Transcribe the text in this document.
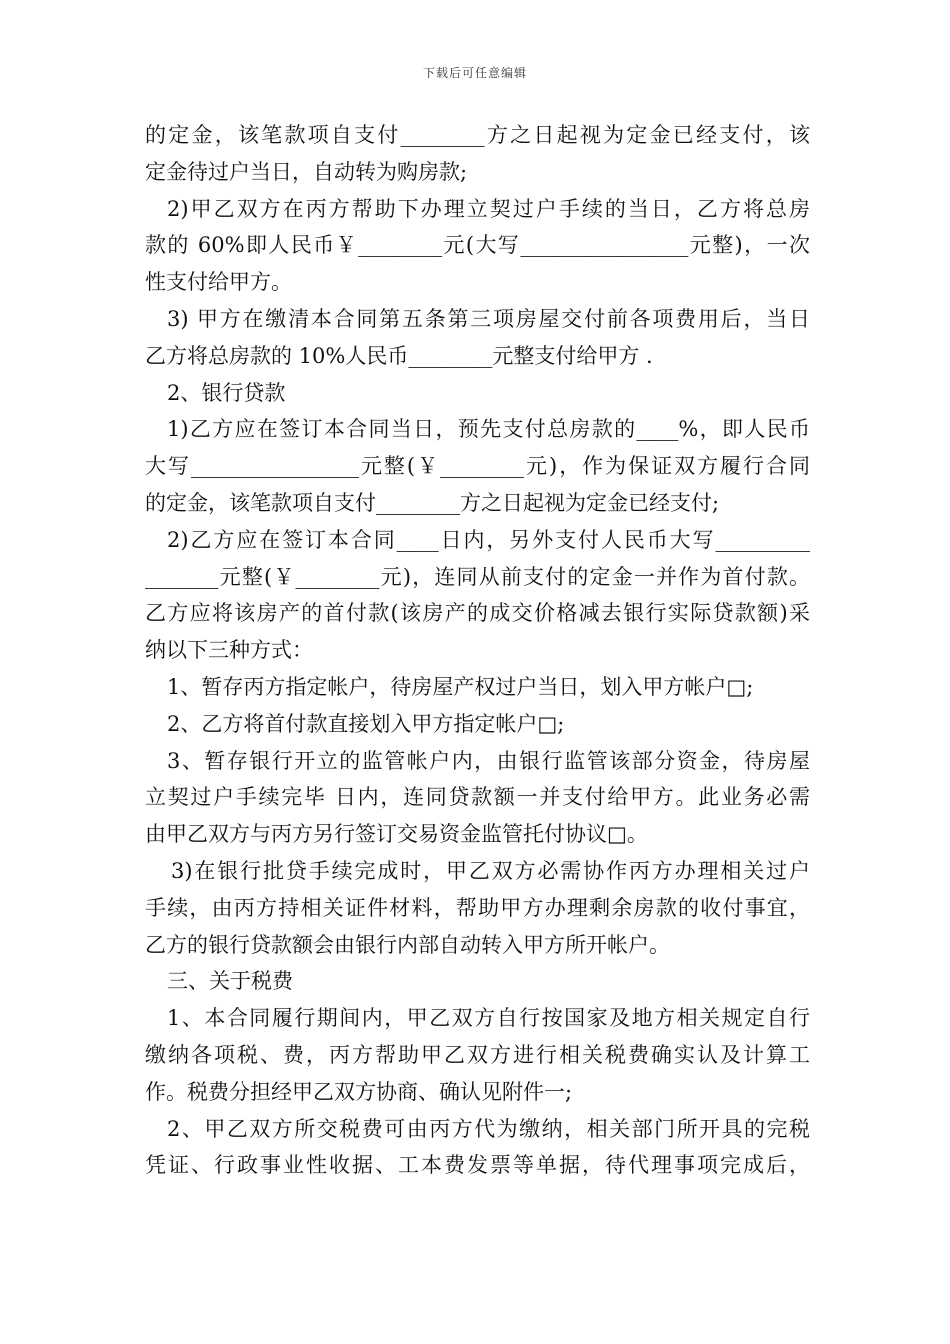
下载后可任意编辑
的定金，该笔款项自支付________方之日起视为定金已经支付，该
定金待过户当日，自动转为购房款;
2)甲乙双方在丙方帮助下办理立契过户手续的当日，乙方将总房
款的 60%即人民币￥________元(大写________________元整)，一次
性支付给甲方。
3) 甲方在缴清本合同第五条第三项房屋交付前各项费用后，当日
乙方将总房款的 10%人民币________元整支付给甲方 .
2、银行贷款
1)乙方应在签订本合同当日，预先支付总房款的____%，即人民币
大写________________元整(￥________元)，作为保证双方履行合同
的定金，该笔款项自支付________方之日起视为定金已经支付;
2)乙方应在签订本合同____日内，另外支付人民币大写_________
_______元整(￥________元)，连同从前支付的定金一并作为首付款。
乙方应将该房产的首付款(该房产的成交价格减去银行实际贷款额)采
纳以下三种方式：
1、暂存丙方指定帐户，待房屋产权过户当日，划入甲方帐户□;
2、乙方将首付款直接划入甲方指定帐户□;
3、暂存银行开立的监管帐户内，由银行监管该部分资金，待房屋
立契过户手续完毕 日内，连同贷款额一并支付给甲方。此业务必需
由甲乙双方与丙方另行签订交易资金监管托付协议□。
3)在银行批贷手续完成时，甲乙双方必需协作丙方办理相关过户
手续，由丙方持相关证件材料，帮助甲方办理剩余房款的收付事宜，
乙方的银行贷款额会由银行内部自动转入甲方所开帐户。
三、关于税费
1、本合同履行期间内，甲乙双方自行按国家及地方相关规定自行
缴纳各项税、费，丙方帮助甲乙双方进行相关税费确实认及计算工
作。税费分担经甲乙双方协商、确认见附件一;
2、甲乙双方所交税费可由丙方代为缴纳，相关部门所开具的完税
凭证、行政事业性收据、工本费发票等单据，待代理事项完成后，
